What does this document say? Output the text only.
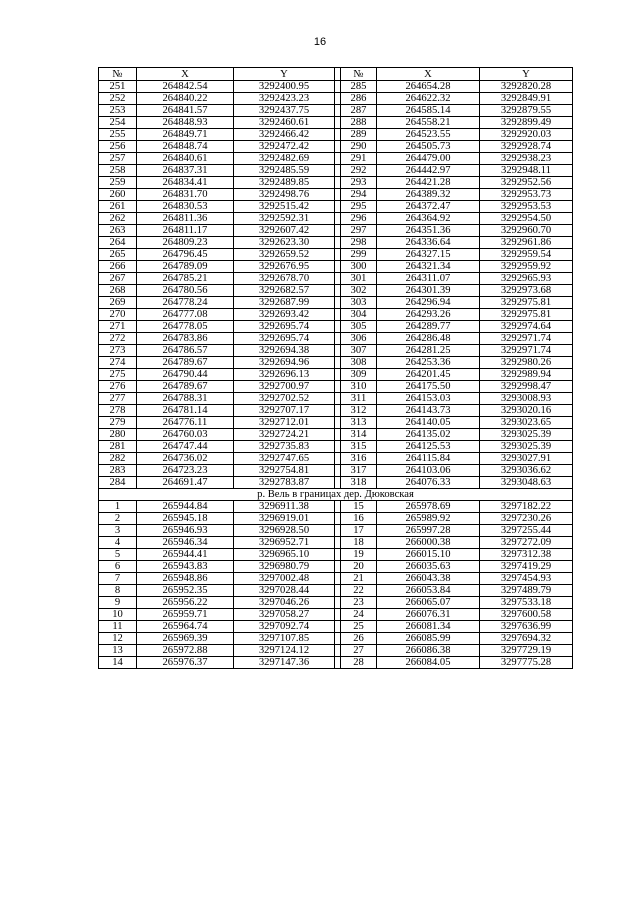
16
№	X	Y		№	X	Y
251	264842.54	3292400.95		285	264654.28	3292820.28
252	264840.22	3292423.23		286	264622.32	3292849.91
253	264841.57	3292437.75		287	264585.14	3292879.55
254	264848.93	3292460.61		288	264558.21	3292899.49
255	264849.71	3292466.42		289	264523.55	3292920.03
256	264848.74	3292472.42		290	264505.73	3292928.74
257	264840.61	3292482.69		291	264479.00	3292938.23
258	264837.31	3292485.59		292	264442.97	3292948.11
259	264834.41	3292489.85		293	264421.28	3292952.56
260	264831.70	3292498.76		294	264389.32	3292953.73
261	264830.53	3292515.42		295	264372.47	3292953.53
262	264811.36	3292592.31		296	264364.92	3292954.50
263	264811.17	3292607.42		297	264351.36	3292960.70
264	264809.23	3292623.30		298	264336.64	3292961.86
265	264796.45	3292659.52		299	264327.15	3292959.54
266	264789.09	3292676.95		300	264321.34	3292959.92
267	264785.21	3292678.70		301	264311.07	3292965.93
268	264780.56	3292682.57		302	264301.39	3292973.68
269	264778.24	3292687.99		303	264296.94	3292975.81
270	264777.08	3292693.42		304	264293.26	3292975.81
271	264778.05	3292695.74		305	264289.77	3292974.64
272	264783.86	3292695.74		306	264286.48	3292971.74
273	264786.57	3292694.38		307	264281.25	3292971.74
274	264789.67	3292694.96		308	264253.36	3292980.26
275	264790.44	3292696.13		309	264201.45	3292989.94
276	264789.67	3292700.97		310	264175.50	3292998.47
277	264788.31	3292702.52		311	264153.03	3293008.93
278	264781.14	3292707.17		312	264143.73	3293020.16
279	264776.11	3292712.01		313	264140.05	3293023.65
280	264760.03	3292724.21		314	264135.02	3293025.39
281	264747.44	3292735.83		315	264125.53	3293025.39
282	264736.02	3292747.65		316	264115.84	3293027.91
283	264723.23	3292754.81		317	264103.06	3293036.62
284	264691.47	3292783.87		318	264076.33	3293048.63
р. Вель в границах дер. Дюковская						
1	265944.84	3296911.38		15	265978.69	3297182.22
2	265945.18	3296919.01		16	265989.92	3297230.26
3	265946.93	3296928.50		17	265997.28	3297255.44
4	265946.34	3296952.71		18	266000.38	3297272.09
5	265944.41	3296965.10		19	266015.10	3297312.38
6	265943.83	3296980.79		20	266035.63	3297419.29
7	265948.86	3297002.48		21	266043.38	3297454.93
8	265952.35	3297028.44		22	266053.84	3297489.79
9	265956.22	3297046.26		23	266065.07	3297533.18
10	265959.71	3297058.27		24	266076.31	3297600.58
11	265964.74	3297092.74		25	266081.34	3297636.99
12	265969.39	3297107.85		26	266085.99	3297694.32
13	265972.88	3297124.12		27	266086.38	3297729.19
14	265976.37	3297147.36		28	266084.05	3297775.28
